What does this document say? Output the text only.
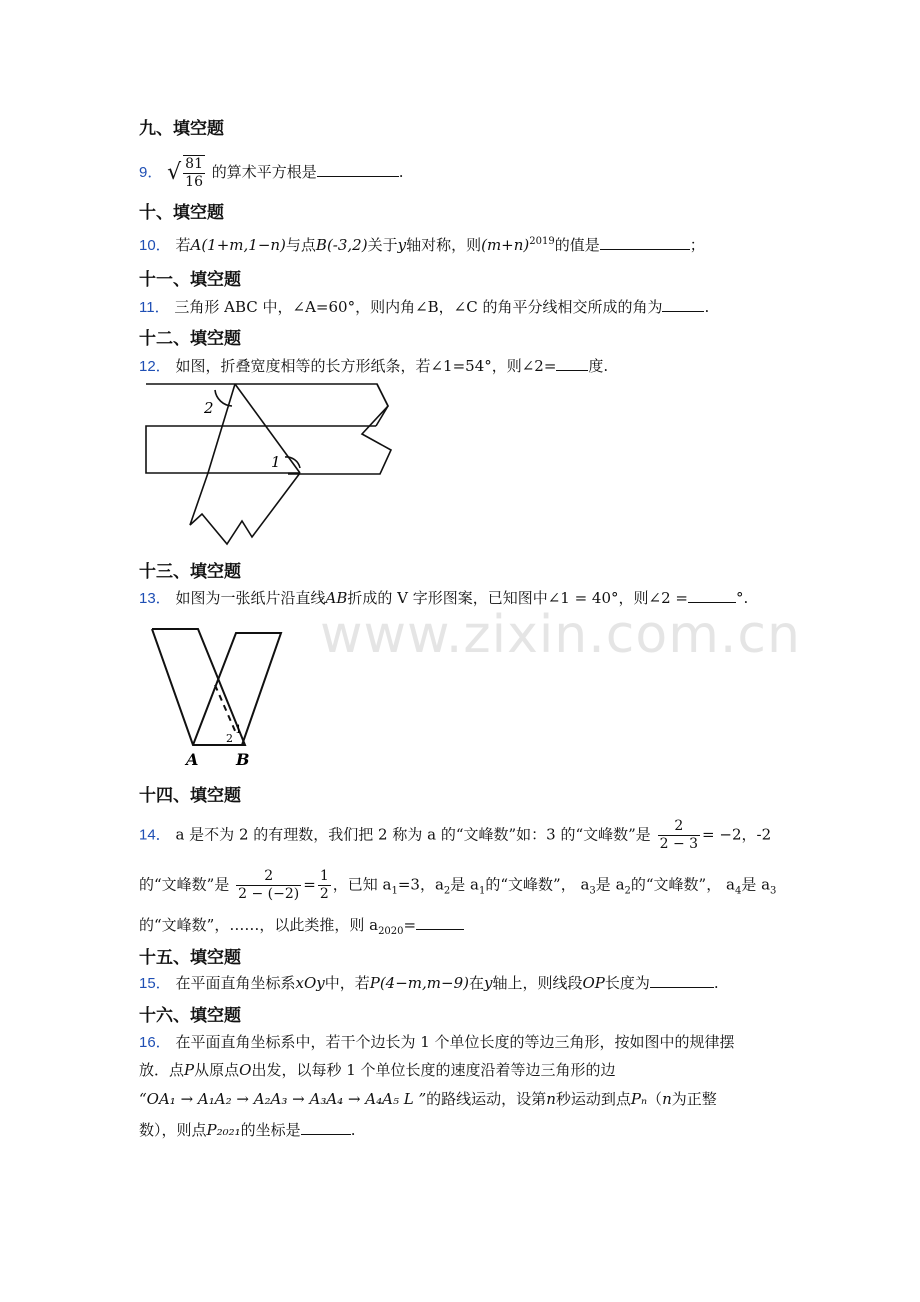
九、填空题
9． √ $\frac{81}{16}$ 的算术平方根是	.
十、填空题
10． 若A(1+m,1−n)与点B(-3,2)关于y轴对称，则$(m+n)^{2019}$的值是	；
十一、填空题
11． 三角形 ABC 中，∠A=60°，则内角∠B，∠C 的角平分线相交所成的角为	.
十二、填空题
12． 如图，折叠宽度相等的长方形纸条，若∠1=54°，则∠2= 度.
2
1
十三、填空题
13． 如图为一张纸片沿直线AB折成的 V 字形图案，已知图中∠1 = 40°，则∠2 =	°.
www.zixin.com.cn
A B
2
1
十四、填空题
14． a 是不为 2 的有理数，我们把 2 称为 a 的“文峰数”如：3 的“文峰数”是 $\frac{2}{2 - 3} = -2$，-2
的“文峰数”是 $\frac{2}{2 - (-2)} = \frac{1}{2}$ ，已知 $a_1=3$，$a_2$是 $a_1$的“文峰数”， $a_3$是 $a_2$的“文峰数”， $a_4$是 $a_3$
的“文峰数”，……，以此类推，则 $a_{2020}=$
十五、填空题
15． 在平面直角坐标系xOy中，若P(4−m,m−9)在y轴上，则线段OP长度为	.
十六、填空题
16． 在平面直角坐标系中，若干个边长为 1 个单位长度的等边三角形，按如图中的规律摆
放．点P从原点O出发，以每秒 1 个单位长度的速度沿着等边三角形的边
“OA₁ → A₁A₂ → A₂A₃ → A₃A₄ → A₄A₅ L ”的路线运动，设第n秒运动到点Pₙ（n为正整
数），则点P₂₀₂₁的坐标是	.
